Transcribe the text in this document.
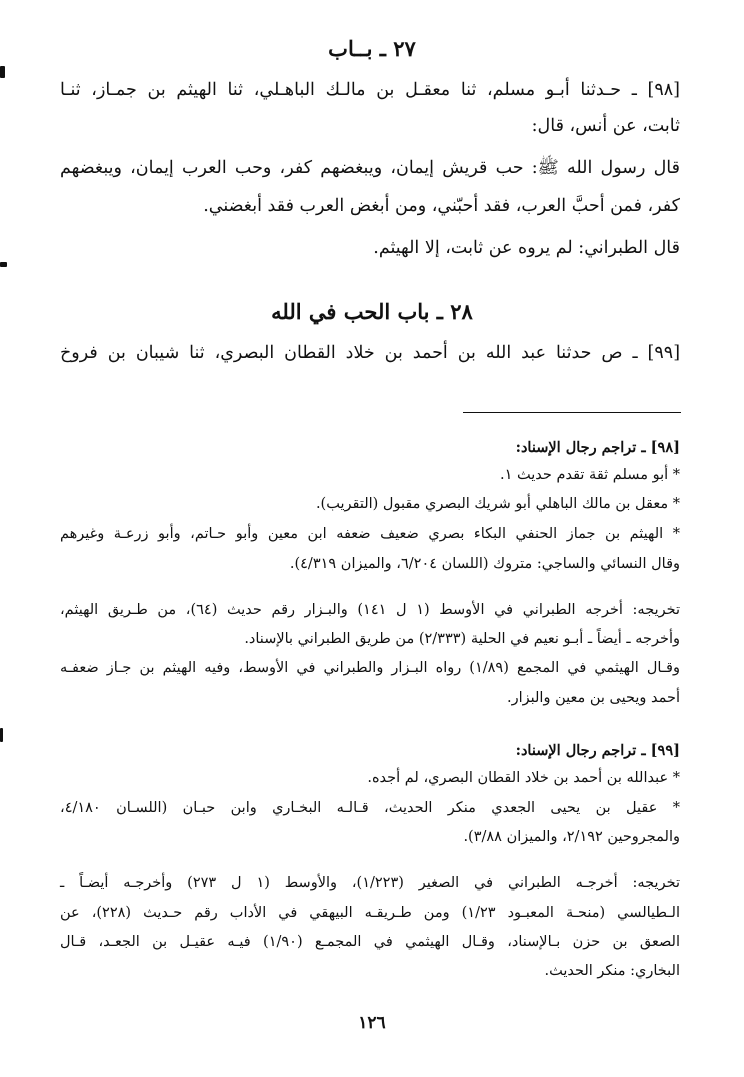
٢٧ ـ بــاب
[٩٨] ـ حـدثنا أبـو مسلم، ثنا معقـل بن مالـك الباهـلي، ثنا الهيثم بن جمـاز، ثنـا
ثابت، عن أنس، قال:
قال رسول الله ﷺ: حب قريش إيمان، ويبغضهم كفر، وحب العرب إيمان، ويبغضهم
كفر، فمن أحبَّ العرب، فقد أحبّني، ومن أبغض العرب فقد أبغضني.
قال الطبراني: لم يروه عن ثابت، إلا الهيثم.
٢٨ ـ باب الحب في الله
[٩٩] ـ ص حدثنا عبد الله بن أحمد بن خلاد القطان البصري، ثنا شيبان بن فروخ
[٩٨] ـ تراجم رجال الإسناد:
* أبو مسلم ثقة تقدم حديث ١.
* معقل بن مالك الباهلي أبو شريك البصري مقبول (التقريب).
* الهيثم بن جماز الحنفي البكاء بصري ضعيف ضعفه ابن معين وأبو حـاتم، وأبو زرعـة وغيرهم
وقال النسائي والساجي: متروك (اللسان ٦/٢٠٤، والميزان ٤/٣١٩).
تخريجه: أخرجه الطبراني في الأوسط (١ ل ١٤١) والبـزار رقم حديث (٦٤)، من طـريق الهيثم،
وأخرجه ـ أيضاً ـ أبـو نعيم في الحلية (٢/٣٣٣) من طريق الطبراني بالإسناد.
وقـال الهيثمي في المجمع (١/٨٩) رواه البـزار والطبراني في الأوسط، وفيه الهيثم بن جـاز ضعفـه
أحمد ويحيى بن معين والبزار.
[٩٩] ـ تراجم رجال الإسناد:
* عبدالله بن أحمد بن خلاد القطان البصري، لم أجده.
* عقيل بن يحيى الجعدي منكر الحديث، قـالـه البخـاري وابن حبـان (اللسـان ٤/١٨٠،
والمجروحين ٢/١٩٢، والميزان ٣/٨٨).
تخريجه: أخرجـه الطبراني في الصغير (١/٢٢٣)، والأوسط (١ ل ٢٧٣) وأخرجـه أيضـاً ـ
الـطيالسي (منحـة المعبـود ١/٢٣) ومن طـريقـه البيهقي في الأداب رقم حـديث (٢٢٨)، عن
الصعق بن حزن بـالإسناد، وقـال الهيثمي في المجمـع (١/٩٠) فيـه عقيـل بن الجعـد، قـال
البخاري: منكر الحديث.
١٢٦
